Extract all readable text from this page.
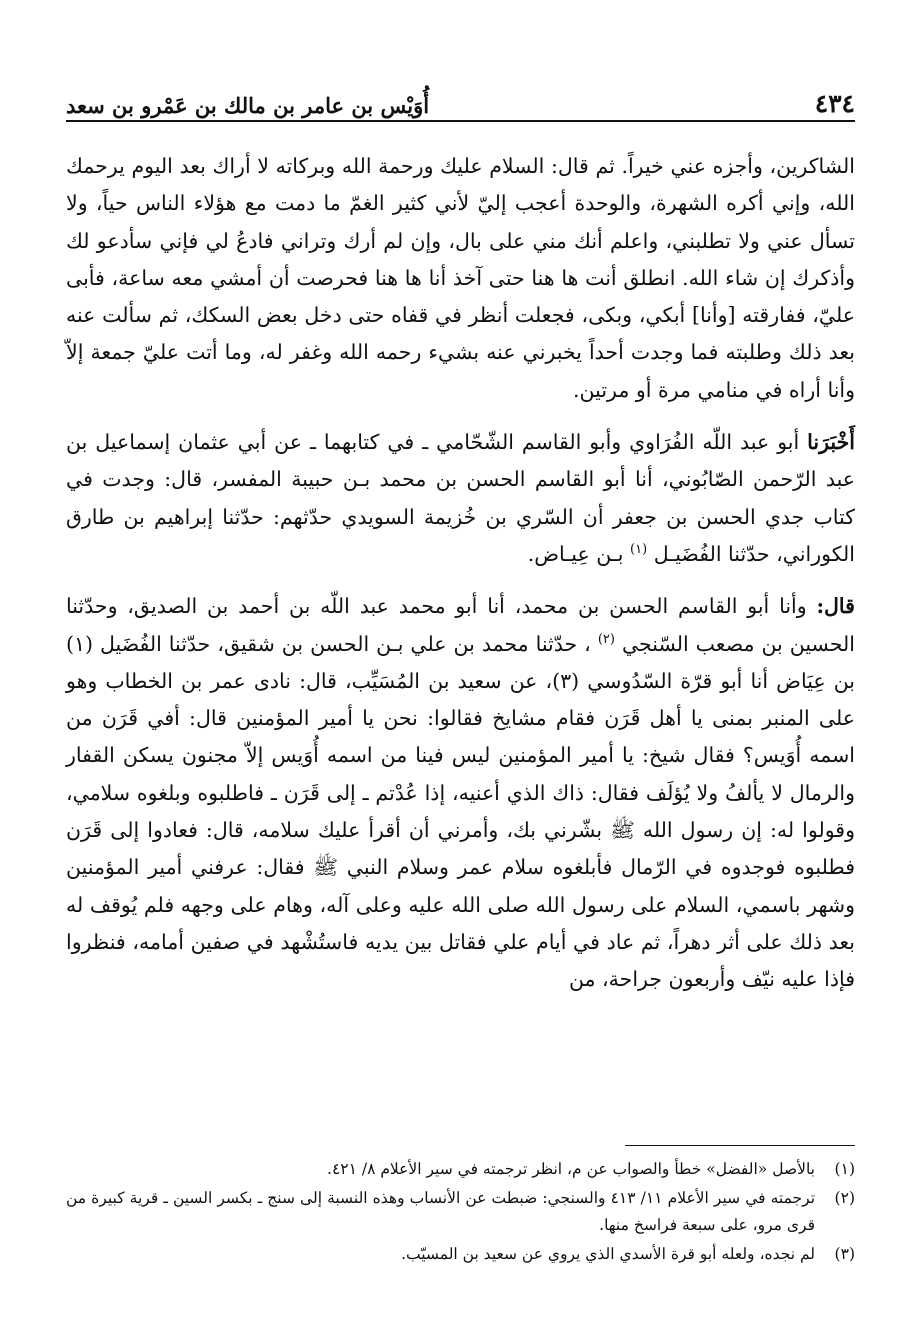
٤٣٤
أُوَيْس بن عامر بن مالك بن عَمْرو بن سعد

الشاكرين، وأجزه عني خيراً. ثم قال: السلام عليك ورحمة الله وبركاته لا أراك بعد اليوم يرحمك الله، وإني أكره الشهرة، والوحدة أعجب إليّ لأني كثير الغمّ ما دمت مع هؤلاء الناس حياً، ولا تسأل عني ولا تطلبني، واعلم أنك مني على بال، وإن لم أرك وتراني فادعُ لي فإني سأدعو لك وأذكرك إن شاء الله. انطلق أنت ها هنا حتى آخذ أنا ها هنا فحرصت أن أمشي معه ساعة، فأبى عليّ، ففارقته [وأنا] أبكي، وبكى، فجعلت أنظر في قفاه حتى دخل بعض السكك، ثم سألت عنه بعد ذلك وطلبته فما وجدت أحداً يخبرني عنه بشيء رحمه الله وغفر له، وما أتت عليّ جمعة إلاّ وأنا أراه في منامي مرة أو مرتين.

أَخْبَرَنا أبو عبد اللّه الفُرَاوي وأبو القاسم الشّحّامي ـ في كتابهما ـ عن أبي عثمان إسماعيل بن عبد الرّحمن الصّابُوني، أنا أبو القاسم الحسن بن محمد بـن حبيبة المفسر، قال: وجدت في كتاب جدي الحسن بن جعفر أن السّري بن خُزيمة السويدي حدّثهم: حدّثنا إبراهيم بن طارق الكوراني، حدّثنا الفُضَيـل $^{(١)}$ بـن عِيـاض.

قال: وأنا أبو القاسم الحسن بن محمد، أنا أبو محمد عبد اللّه بن أحمد بن الصديق، وحدّثنا الحسين بن مصعب السّنجي $^{(٢)}$ ، حدّثنا محمد بن علي بـن الحسن بن شقيق، حدّثنا الفُضَيل (١) بن عِيَاض أنا أبو قرّة السّدُوسي (٣)، عن سعيد بن المُسَيِّب، قال: نادى عمر بن الخطاب وهو على المنبر بمنى يا أهل قَرَن فقام مشايخ فقالوا: نحن يا أمير المؤمنين قال: أفي قَرَن من اسمه أُوَيس؟ فقال شيخ: يا أمير المؤمنين ليس فينا من اسمه أُوَيس إلاّ مجنون يسكن القفار والرمال لا يألفُ ولا يُؤلَف فقال: ذاك الذي أعنيه، إذا عُدْتم ـ إلى قَرَن ـ فاطلبوه وبلغوه سلامي، وقولوا له: إن رسول الله ﷺ بشّرني بك، وأمرني أن أقرأ عليك سلامه، قال: فعادوا إلى قَرَن فطلبوه فوجدوه في الرّمال فأبلغوه سلام عمر وسلام النبي ﷺ فقال: عرفني أمير المؤمنين وشهر باسمي، السلام على رسول الله صلى الله عليه وعلى آله، وهام على وجهه فلم يُوقف له بعد ذلك على أثر دهراً، ثم عاد في أيام علي فقاتل بين يديه فاستُشْهد في صفين أمامه، فنظروا فإذا عليه نيّف وأربعون جراحة، من

(١)
بالأصل «الفضل» خطأ والصواب عن م، انظر ترجمته في سير الأعلام ٨/ ٤٢١.
(٢)
ترجمته في سير الأعلام ١١/ ٤١٣ والسنجي: ضبطت عن الأنساب وهذه النسبة إلى سنج ـ بكسر السين ـ قرية كبيرة من قرى مرو، على سبعة فراسخ منها.
(٣)
لم نجده، ولعله أبو قرة الأسدي الذي يروي عن سعيد بن المسيّب.
